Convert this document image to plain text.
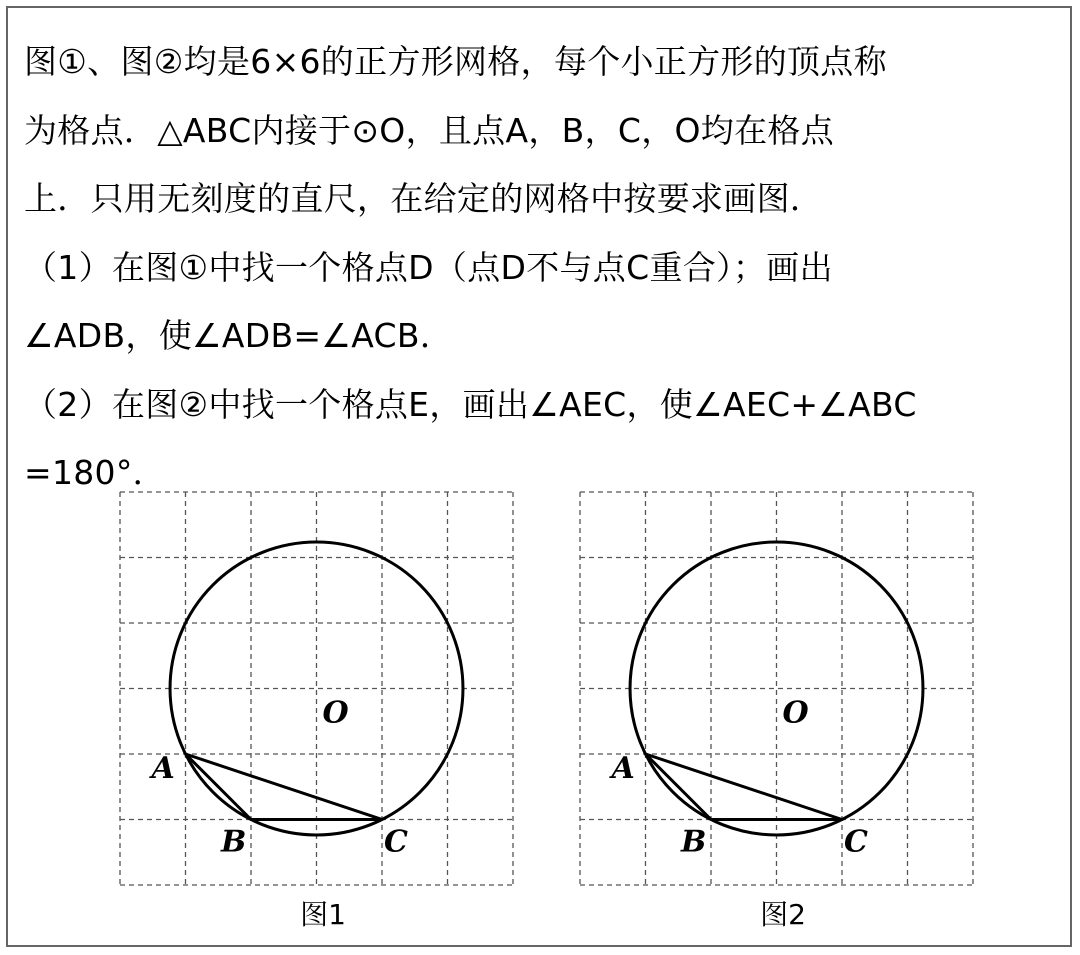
图①、图②均是6×6的正方形网格，每个小正方形的顶点称
为格点．△ABC内接于⊙O，且点A，B，C，O均在格点
上．只用无刻度的直尺，在给定的网格中按要求画图．
（1）在图①中找一个格点D（点D不与点C重合）；画出
∠ADB，使∠ADB=∠ACB．
（2）在图②中找一个格点E，画出∠AEC，使∠AEC+∠ABC
=180°．
A
B	C
O
A
B	C
O
图1	图2
